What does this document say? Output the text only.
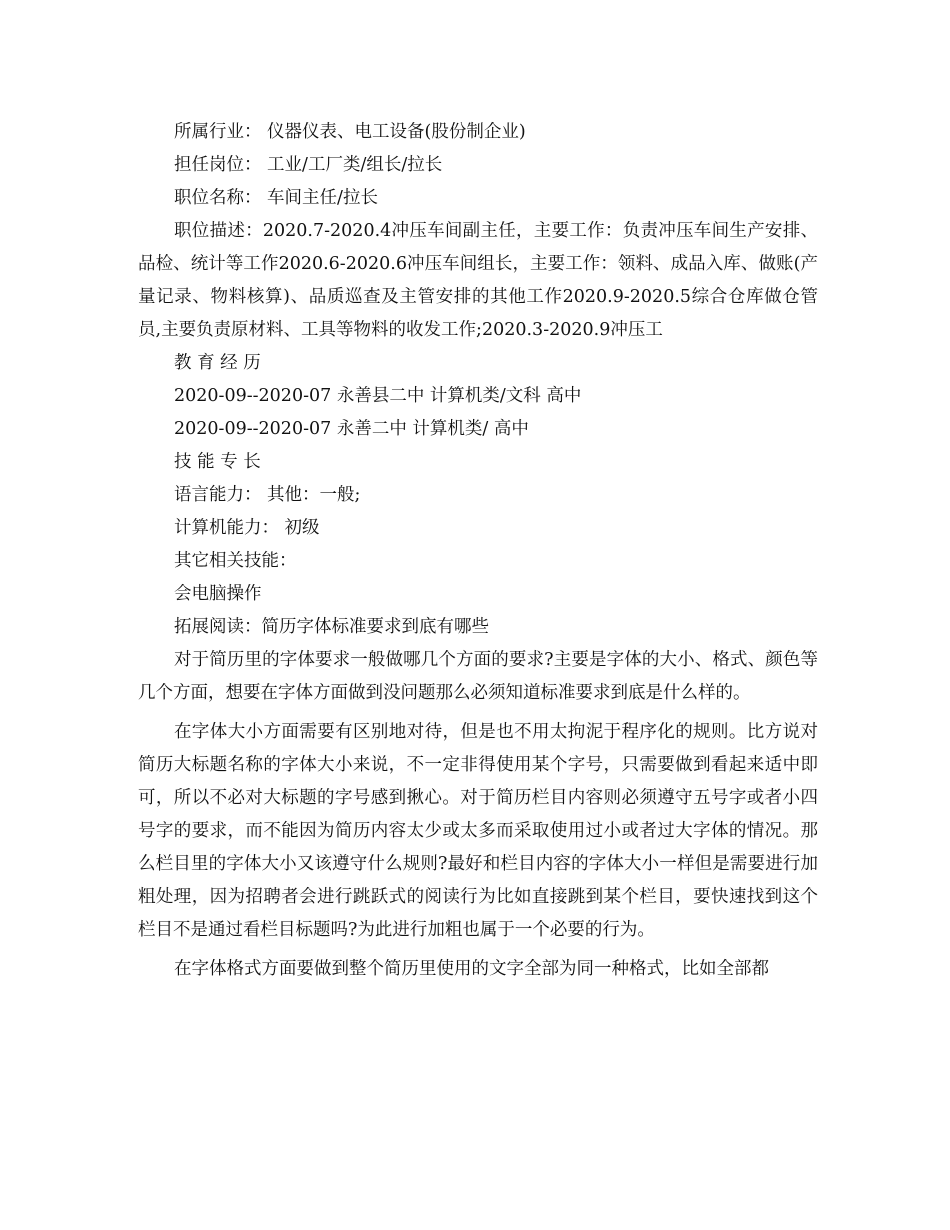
所属行业： 仪器仪表、电工设备(股份制企业)
担任岗位： 工业/工厂类/组长/拉长
职位名称： 车间主任/拉长

职位描述：2020.7-2020.4冲压车间副主任，主要工作：负责冲压车间生产安排、品检、统计等工作2020.6-2020.6冲压车间组长，主要工作：领料、成品入库、做账(产量记录、物料核算)、品质巡查及主管安排的其他工作2020.9-2020.5综合仓库做仓管员,主要负责原材料、工具等物料的收发工作;2020.3-2020.9冲压工

教 育 经 历
2020-09--2020-07 永善县二中 计算机类/文科 高中
2020-09--2020-07 永善二中 计算机类/ 高中
技 能 专 长
语言能力： 其他：一般;
计算机能力： 初级
其它相关技能：
会电脑操作
拓展阅读：简历字体标准要求到底有哪些

对于简历里的字体要求一般做哪几个方面的要求?主要是字体的大小、格式、颜色等几个方面，想要在字体方面做到没问题那么必须知道标准要求到底是什么样的。

在字体大小方面需要有区别地对待，但是也不用太拘泥于程序化的规则。比方说对简历大标题名称的字体大小来说，不一定非得使用某个字号，只需要做到看起来适中即可，所以不必对大标题的字号感到揪心。对于简历栏目内容则必须遵守五号字或者小四号字的要求，而不能因为简历内容太少或太多而采取使用过小或者过大字体的情况。那么栏目里的字体大小又该遵守什么规则?最好和栏目内容的字体大小一样但是需要进行加粗处理，因为招聘者会进行跳跃式的阅读行为比如直接跳到某个栏目，要快速找到这个栏目不是通过看栏目标题吗?为此进行加粗也属于一个必要的行为。

在字体格式方面要做到整个简历里使用的文字全部为同一种格式，比如全部都
